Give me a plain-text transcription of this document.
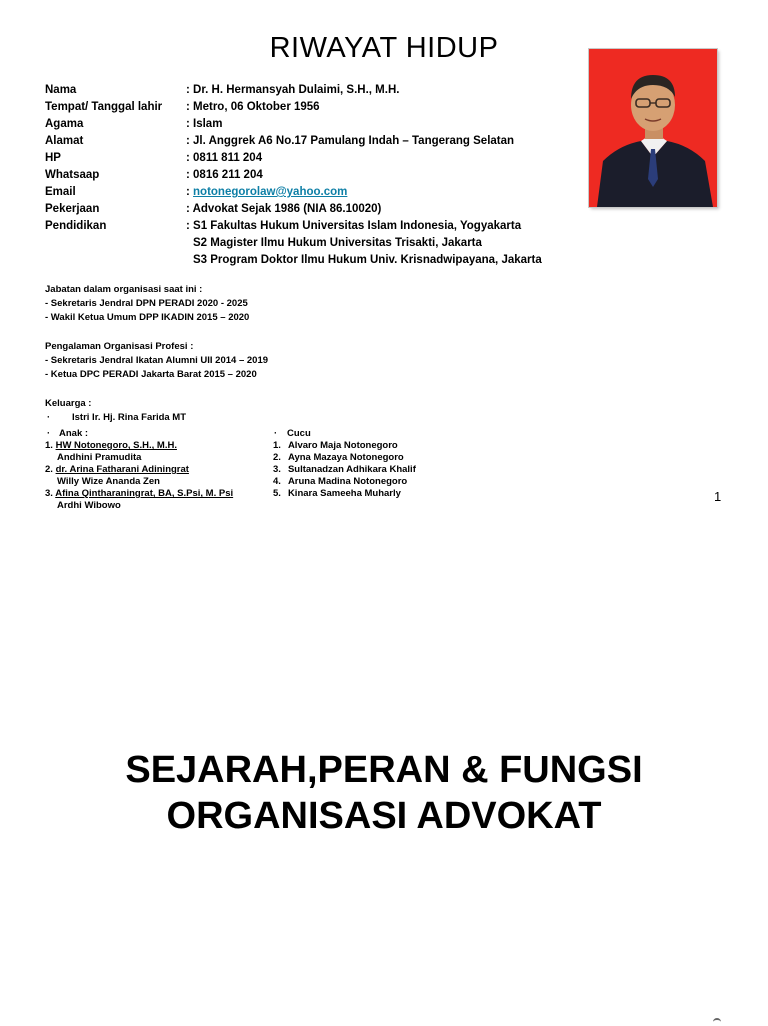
RIWAYAT HIDUP
Nama	: Dr. H. Hermansyah Dulaimi, S.H., M.H.
Tempat/ Tanggal lahir : Metro, 06 Oktober 1956
Agama	: Islam
Alamat	: Jl. Anggrek A6 No.17 Pamulang Indah – Tangerang Selatan
HP	: 0811 811 204
Whatsaap	: 0816 211 204
Email	: notonegorolaw@yahoo.com
Pekerjaan	: Advokat Sejak 1986 (NIA 86.10020)
Pendidikan	: S1 Fakultas Hukum Universitas Islam Indonesia, Yogyakarta
S2 Magister Ilmu Hukum Universitas Trisakti, Jakarta
S3 Program Doktor Ilmu Hukum Univ. Krisnadwipayana, Jakarta
Jabatan dalam organisasi saat ini :
- Sekretaris Jendral DPN PERADI 2020 - 2025
- Wakil Ketua Umum DPP IKADIN 2015 – 2020
Pengalaman Organisasi Profesi :
- Sekretaris Jendral Ikatan Alumni UII 2014 – 2019
- Ketua DPC PERADI Jakarta Barat 2015 – 2020
Keluarga :
· Istri Ir. Hj. Rina Farida MT
· Anak :
1. HW Notonegoro, S.H., M.H.
Andhini Pramudita
2. dr. Arina Fatharani Adiningrat
Willy Wize Ananda Zen
3. Afina Qintharaningrat, BA, S.Psi, M. Psi
Ardhi Wibowo
· Cucu
1. Alvaro Maja Notonegoro
2. Ayna Mazaya Notonegoro
3. Sultanadzan Adhikara Khalif
4. Aruna Madina Notonegoro
5. Kinara Sameeha Muharly	1
SEJARAH,PERAN & FUNGSI
ORGANISASI ADVOKAT
